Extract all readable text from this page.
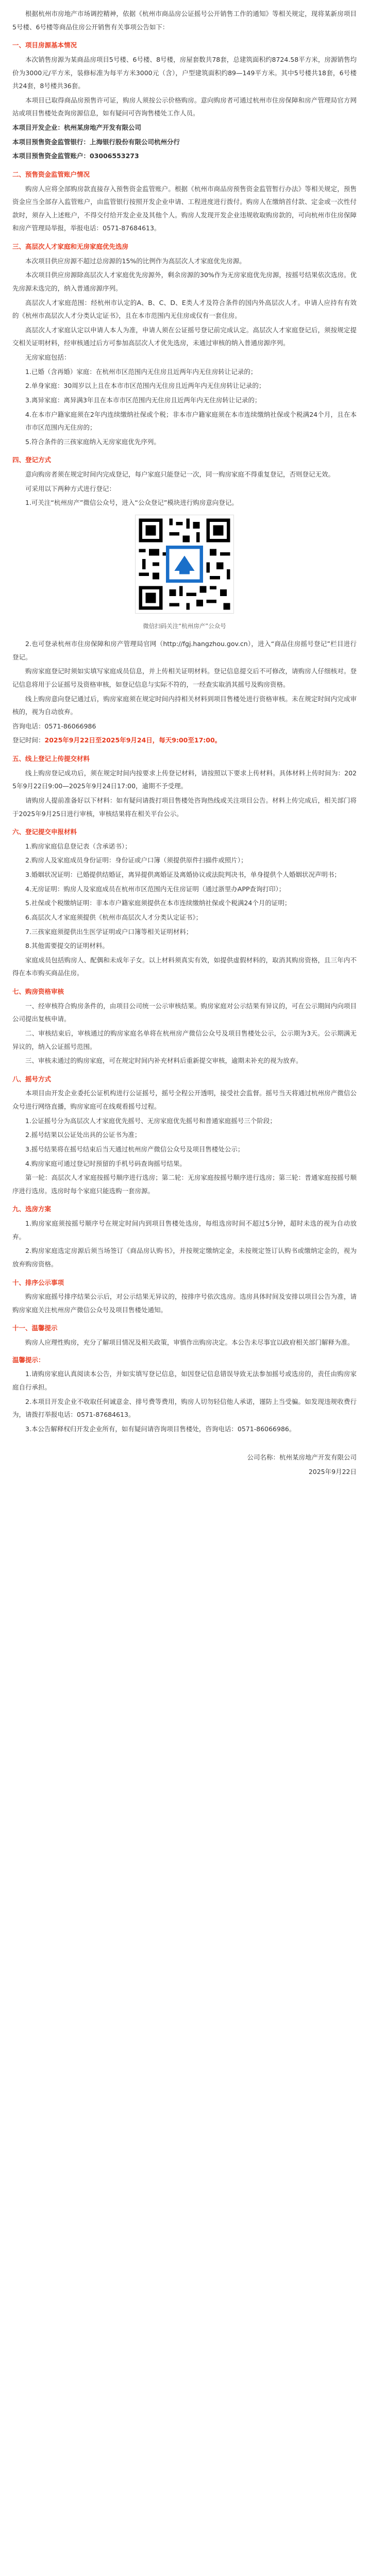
根据杭州市房地产市场调控精神，依据《杭州市商品房公证摇号公开销售工作的通知》等相关规定，现将某新房项目5号楼、6号楼等商品住房公开销售有关事项公告如下：

一、项目房源基本情况

本次销售房源为某商品房项目5号楼、6号楼、8号楼，房屋套数共78套，总建筑面积约8724.58平方米，房源销售均价为3000元/平方米，装修标准为每平方米3000元（含），户型建筑面积约89—149平方米。其中5号楼共18套，6号楼共24套，8号楼共36套。

本项目已取得商品房预售许可证，购房人须按公示价格购房。意向购房者可通过杭州市住房保障和房产管理局官方网站或项目售楼处查询房源信息，如有疑问可咨询售楼处工作人员。

本项目开发企业：杭州某房地产开发有限公司

本项目预售资金监管银行：上海银行股份有限公司杭州分行

本项目预售资金监管账户：03006553273

二、预售资金监管账户情况

购房人应将全部购房款直接存入预售资金监管账户。根据《杭州市商品房预售资金监管暂行办法》等相关规定，预售资金应当全部存入监管账户，由监管银行按照开发企业申请、工程进度进行拨付。购房人在缴纳首付款、定金或一次性付款时，须存入上述账户，不得交付给开发企业及其他个人。购房人发现开发企业违规收取购房款的，可向杭州市住房保障和房产管理局举报，举报电话：0571-87684613。

三、高层次人才家庭和无房家庭优先选房

本次项目供应房源不超过总房源的15%的比例作为高层次人才家庭优先房源。

本次项目供应房源除高层次人才家庭优先房源外，剩余房源的30%作为无房家庭优先房源，按摇号结果依次选房。优先房源未选完的，纳入普通房源序列。

高层次人才家庭范围：经杭州市认定的A、B、C、D、E类人才及符合条件的国内外高层次人才。申请人应持有有效的《杭州市高层次人才分类认定证书》，且在本市范围内无住房或仅有一套住房。

高层次人才家庭认定以申请人本人为准，申请人须在公证摇号登记前完成认定。高层次人才家庭登记后，须按规定提交相关证明材料，经审核通过后方可参加高层次人才优先选房，未通过审核的纳入普通房源序列。

无房家庭包括：

1.已婚（含再婚）家庭：在杭州市区范围内无住房且近两年内无住房转让记录的；

2.单身家庭：30周岁以上且在本市市区范围内无住房且近两年内无住房转让记录的；

3.离异家庭：离异满3年且在本市市区范围内无住房且近两年内无住房转让记录的；

4.在本市户籍家庭须在2年内连续缴纳社保或个税；非本市户籍家庭须在本市连续缴纳社保或个税满24个月，且在本市市区范围内无住房的；

5.符合条件的三孩家庭纳入无房家庭优先序列。

四、登记方式

意向购房者须在规定时间内完成登记，每户家庭只能登记一次，同一购房家庭不得重复登记，否则登记无效。

可采用以下两种方式进行登记：

1.可关注“杭州房产”微信公众号，进入“公众登记”模块进行购房意向登记。

微信扫码关注“杭州房产”公众号

2.也可登录杭州市住房保障和房产管理局官网（http://fgj.hangzhou.gov.cn），进入“商品住房摇号登记”栏目进行登记。

购房家庭登记时须如实填写家庭成员信息，并上传相关证明材料。登记信息提交后不可修改，请购房人仔细核对。登记信息将用于公证摇号及资格审核，如登记信息与实际不符的，一经查实取消其摇号及购房资格。

线上购房意向登记通过后，购房家庭须在规定时间内持相关材料到项目售楼处进行资格审核。未在规定时间内完成审核的，视为自动放弃。

咨询电话：0571-86066986

登记时间：2025年9月22日至2025年9月24日，每天9:00至17:00。

五、线上登记上传提交材料

线上购房登记成功后，须在规定时间内按要求上传登记材料，请按照以下要求上传材料。具体材料上传时间为：2025年9月22日9:00—2025年9月24日17:00，逾期不予受理。

请购房人提前准备好以下材料：如有疑问请拨打项目售楼处咨询热线或关注项目公告。材料上传完成后，相关部门将于2025年9月25日进行审核，审核结果将在相关平台公示。

六、登记提交申报材料

1.购房家庭信息登记表（含承诺书）；

2.购房人及家庭成员身份证明：身份证或户口簿（须提供原件扫描件或照片）；

3.婚姻状况证明：已婚提供结婚证，离异提供离婚证及离婚协议或法院判决书，单身提供个人婚姻状况声明书；

4.无房证明：购房人及家庭成员在杭州市区范围内无住房证明（通过浙里办APP查询打印）；

5.社保或个税缴纳证明：非本市户籍家庭须提供在本市连续缴纳社保或个税满24个月的证明；

6.高层次人才家庭须提供《杭州市高层次人才分类认定证书》；

7.三孩家庭须提供出生医学证明或户口簿等相关证明材料；

8.其他需要提交的证明材料。

家庭成员包括购房人、配偶和未成年子女。以上材料须真实有效，如提供虚假材料的，取消其购房资格，且三年内不得在本市购买商品住房。

七、购房资格审核

一、经审核符合购房条件的，由项目公司统一公示审核结果。购房家庭对公示结果有异议的，可在公示期间内向项目公司提出复核申请。

二、审核结束后，审核通过的购房家庭名单将在杭州房产微信公众号及项目售楼处公示，公示期为3天。公示期满无异议的，纳入公证摇号范围。

三、审核未通过的购房家庭，可在规定时间内补充材料后重新提交审核，逾期未补充的视为放弃。

八、摇号方式

本项目由开发企业委托公证机构进行公证摇号，摇号全程公开透明，接受社会监督。摇号当天将通过杭州房产微信公众号进行网络直播，购房家庭可在线观看摇号过程。

1.公证摇号分为高层次人才家庭优先摇号、无房家庭优先摇号和普通家庭摇号三个阶段；

2.摇号结果以公证处出具的公证书为准；

3.摇号结果将在摇号结束后当天通过杭州房产微信公众号及项目售楼处公示；

4.购房家庭可通过登记时预留的手机号码查询摇号结果。

第一轮：高层次人才家庭按摇号顺序进行选房；第二轮：无房家庭按摇号顺序进行选房；第三轮：普通家庭按摇号顺序进行选房。选房时每个家庭只能选购一套房源。

九、选房方案

1.购房家庭须按摇号顺序号在规定时间内到项目售楼处选房，每组选房时间不超过5分钟，超时未选的视为自动放弃。

2.购房家庭选定房源后须当场签订《商品房认购书》，并按规定缴纳定金，未按规定签订认购书或缴纳定金的，视为放弃购房资格。

十、排序公示事项

购房家庭摇号排序结果公示后，对公示结果无异议的，按排序号依次选房。选房具体时间及安排以项目公告为准，请购房家庭关注杭州房产微信公众号及项目售楼处通知。

十一、温馨提示

购房人应理性购房，充分了解项目情况及相关政策，审慎作出购房决定。本公告未尽事宜以政府相关部门解释为准。

温馨提示：

1.请购房家庭认真阅读本公告，并如实填写登记信息，如因登记信息错误导致无法参加摇号或选房的，责任由购房家庭自行承担。

2.本项目开发企业不收取任何诚意金、排号费等费用，购房人切勿轻信他人承诺，谨防上当受骗。如发现违规收费行为，请拨打举报电话：0571-87684613。

3.本公告解释权归开发企业所有，如有疑问请咨询项目售楼处，咨询电话：0571-86066986。

公司名称：杭州某房地产开发有限公司

2025年9月22日
